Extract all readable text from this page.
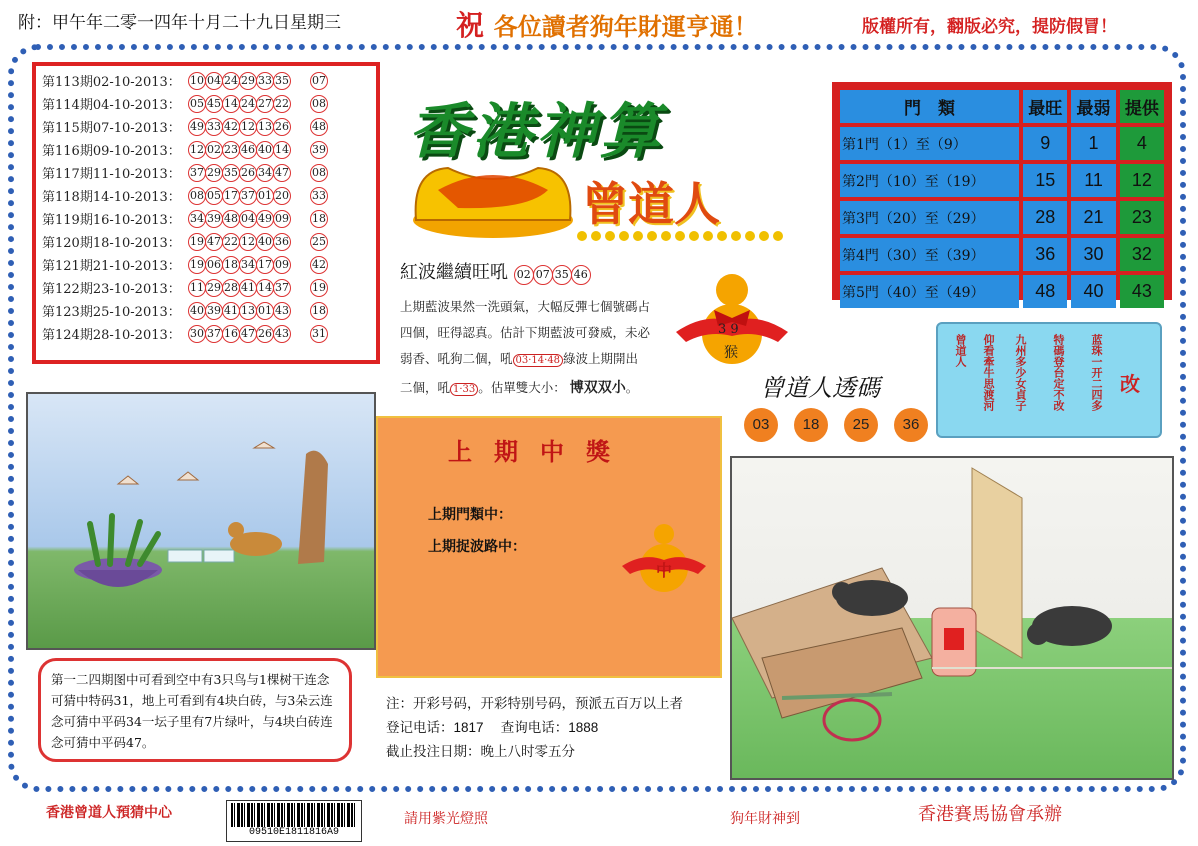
附：甲午年二零一四年十月二十九日星期三	祝 各位讀者狗年財運亨通！	版權所有，翻版必究，提防假冒！
第113期02-10-2013： 10 04 24 29 33 35 07
第114期04-10-2013： 05 45 14 24 27 22 08
第115期07-10-2013： 49 33 42 12 13 26 48
第116期09-10-2013： 12 02 23 46 40 14 39
第117期11-10-2013： 37 29 35 26 34 47 08
第118期14-10-2013： 08 05 17 37 01 20 33
第119期16-10-2013： 34 39 48 04 49 09 18
第120期18-10-2013： 19 47 22 12 40 36 25
第121期21-10-2013： 19 06 18 34 17 09 42
第122期23-10-2013： 11 29 28 41 14 37 19
第123期25-10-2013： 40 39 41 13 01 43 18
第124期28-10-2013： 30 37 16 47 26 43 31
香港神算
曾道人
紅波繼續旺吼 02 07 35 46
上期藍波果然一洗頭氣，大幅反彈七個號碼占
四個，旺得認真。估計下期藍波可發威，未必
弱香、吼狗二個，吼 03·14·48 綠波上期開出
二個，吼 1·33 。估單雙大小： 博双双小。
門　類	最旺	最弱	提供
第1門（1）至（9）	9	1	4
第2門（10）至（19）	15	11	12
第3門（20）至（29）	28	21	23
第4門（30）至（39）	36	30	32
第5門（40）至（49）	48	40	43
3 9
猴	曾道人 仰看牽牛思渡河 九州多少女貞子 特碼登台定不改 蓝珠一开二四多 改
曾道人透碼
03	18	25	36
第一二四期图中可看到空中有3只鸟与1棵树干连念可猜中特码31，地上可看到有4块白砖，与3朵云连念可猜中平码34一坛子里有7片绿叶，与4块白砖连念可猜中平码47。
上期中獎
上期門類中：
上期捉波路中：
中
注：开彩号码，开彩特别号码，预派五百万以上者
登记电话：1817　 查询电话：1888
截止投注日期：晚上八时零五分
香港曾道人預猜中心
09510E1811816A9
請用紫光燈照	狗年財神到	香港賽馬協會承辦
